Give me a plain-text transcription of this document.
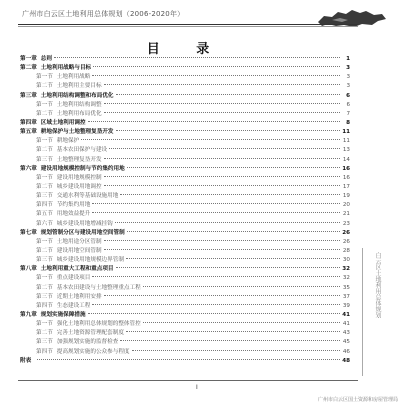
广州市白云区土地利用总体规划（2006-2020年）
目 录
第一章 总则	1
第二章 土地利用战略与目标	3
第一节 土地利用战略	3
第二节 土地利用主要目标	3
第三章 土地利用结构调整和布局优化	6
第一节 土地利用结构调整	6
第二节 土地利用布局优化	7
第四章 区域土地利用调控	8
第五章 耕地保护与土地整理复垦开发	11
第一节 耕地保护	11
第二节 基本农田保护与建设	13
第三节 土地整理复垦开发	14
第六章 建设用地规模控制与节约集约用地	16
第一节 建设用地规模控制	16
第二节 城乡建设用地调控	17
第三节 交通水利等基础设施用地	19
第四节 节约集约用地	20
第五节 用地效益提升	21
第六节 城乡建设用地增减挂钩	23
第七章 规划管制分区与建设用地空间管制	26
第一节 土地用途分区管制	26
第二节 建设用地空间管制	28
第三节 城乡建设用地规模边界管制	30
第八章 土地利用重大工程和重点项目	32
第一节 重点建设项目	32
第二节 基本农田建设与土地整理重点工程	35
第三节 近期土地利用安排	37
第四节 生态建设工程	39
第九章 规划实施保障措施	41
第一节 强化土地利用总体规划的整体管控	41
第二节 完善土地资源管理配套制度	43
第三节 加强规划实施的监督检查	45
第四节 提高规划实施的公众参与程度	46
附表	48
白云区土地利用总体规划
I
广州市白云区国土资源和房屋管理局
